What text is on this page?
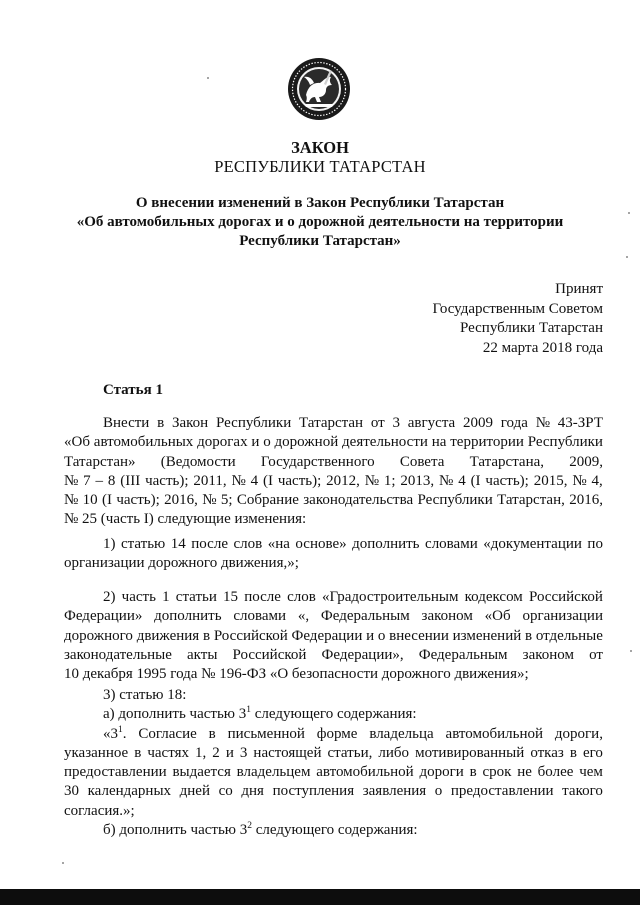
ЗАКОН
РЕСПУБЛИКИ ТАТАРСТАН
О внесении изменений в Закон Республики Татарстан
«Об автомобильных дорогах и о дорожной деятельности на территории
Республики Татарстан»
Принят
Государственным Советом
Республики Татарстан
22 марта 2018 года
Статья 1
Внести в Закон Республики Татарстан от 3 августа 2009 года № 43-ЗРТ
«Об автомобильных дорогах и о дорожной деятельности на территории Республики
Татарстан» (Ведомости Государственного Совета Татарстана, 2009,
№ 7 – 8 (III часть); 2011, № 4 (I часть); 2012, № 1; 2013, № 4 (I часть); 2015, № 4,
№ 10 (I часть); 2016, № 5; Собрание законодательства Республики Татарстан, 2016,
№ 25 (часть I) следующие изменения:
1) статью 14 после слов «на основе» дополнить словами «документации по
организации дорожного движения,»;
2) часть 1 статьи 15 после слов «Градостроительным кодексом Российской
Федерации» дополнить словами «, Федеральным законом «Об организации
дорожного движения в Российской Федерации и о внесении изменений в отдельные
законодательные акты Российской Федерации», Федеральным законом от
10 декабря 1995 года № 196-ФЗ «О безопасности дорожного движения»;
3) статью 18:
а) дополнить частью $3^1$ следующего содержания:
«$3^1$. Согласие в письменной форме владельца автомобильной дороги,
указанное в частях 1, 2 и 3 настоящей статьи, либо мотивированный отказ в его
предоставлении выдается владельцем автомобильной дороги в срок не более чем
30 календарных дней со дня поступления заявления о предоставлении такого
согласия.»;
б) дополнить частью $3^2$ следующего содержания:
